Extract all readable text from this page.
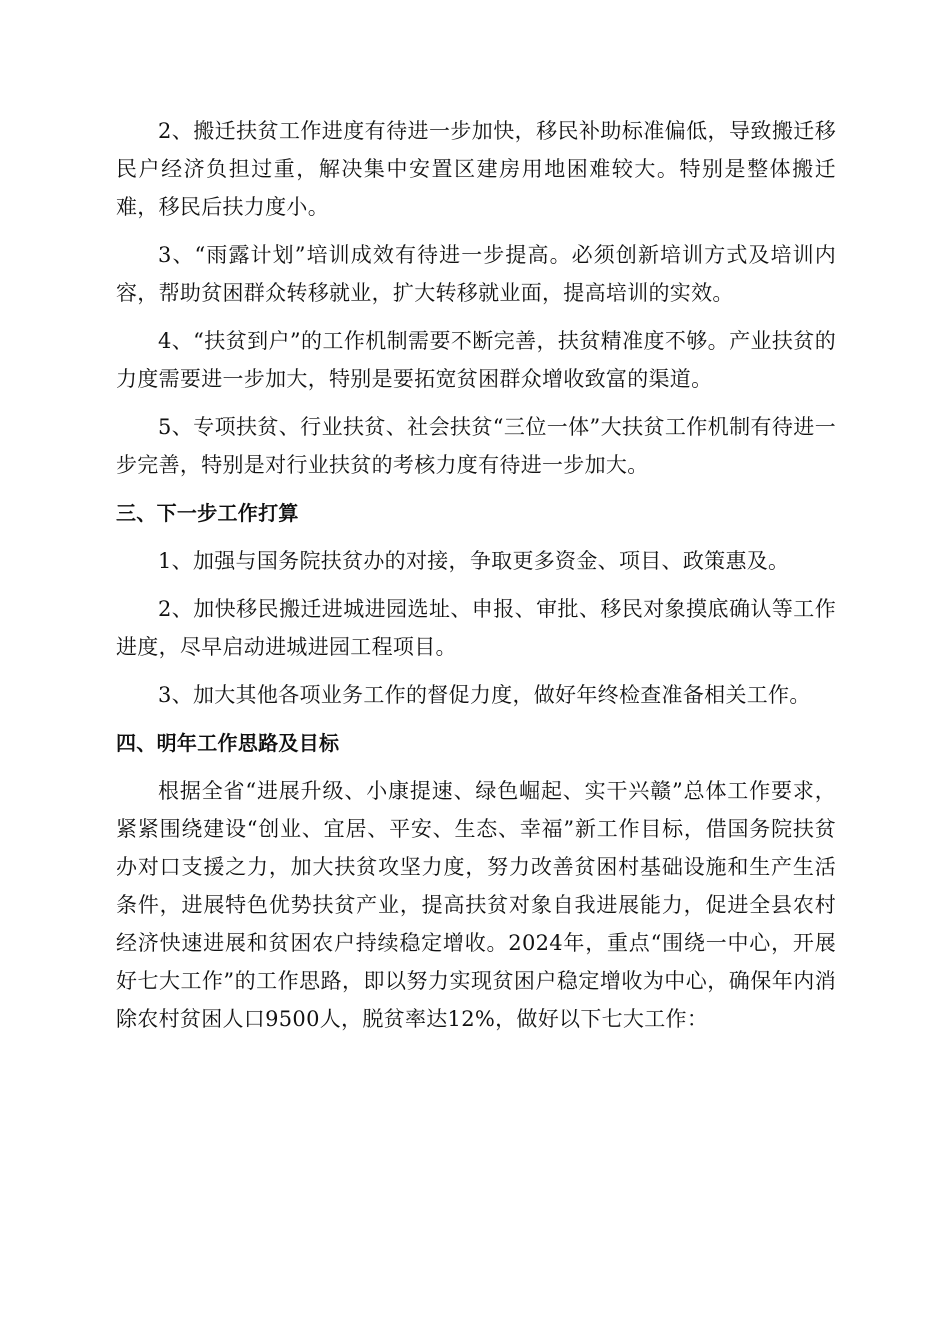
2、搬迁扶贫工作进度有待进一步加快，移民补助标准偏低，导致搬迁移民户经济负担过重，解决集中安置区建房用地困难较大。特别是整体搬迁难，移民后扶力度小。

3、“雨露计划”培训成效有待进一步提高。必须创新培训方式及培训内容，帮助贫困群众转移就业，扩大转移就业面，提高培训的实效。

4、“扶贫到户”的工作机制需要不断完善，扶贫精准度不够。产业扶贫的力度需要进一步加大，特别是要拓宽贫困群众增收致富的渠道。

5、专项扶贫、行业扶贫、社会扶贫“三位一体”大扶贫工作机制有待进一步完善，特别是对行业扶贫的考核力度有待进一步加大。

三、下一步工作打算

1、加强与国务院扶贫办的对接，争取更多资金、项目、政策惠及。

2、加快移民搬迁进城进园选址、申报、审批、移民对象摸底确认等工作进度，尽早启动进城进园工程项目。

3、加大其他各项业务工作的督促力度，做好年终检查准备相关工作。

四、明年工作思路及目标

根据全省“进展升级、小康提速、绿色崛起、实干兴赣”总体工作要求，紧紧围绕建设“创业、宜居、平安、生态、幸福”新工作目标，借国务院扶贫办对口支援之力，加大扶贫攻坚力度，努力改善贫困村基础设施和生产生活条件，进展特色优势扶贫产业，提高扶贫对象自我进展能力，促进全县农村经济快速进展和贫困农户持续稳定增收。2024年，重点“围绕一中心，开展好七大工作”的工作思路，即以努力实现贫困户稳定增收为中心，确保年内消除农村贫困人口9500人，脱贫率达12%，做好以下七大工作：
